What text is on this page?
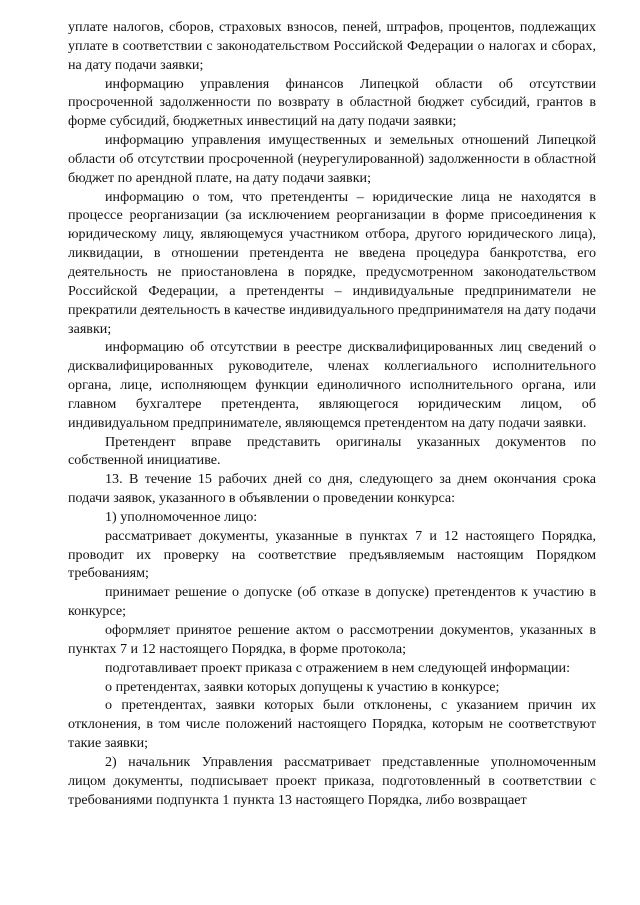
уплате налогов, сборов, страховых взносов, пеней, штрафов, процентов, подлежащих уплате в соответствии с законодательством Российской Федерации о налогах и сборах, на дату подачи заявки;

информацию управления финансов Липецкой области об отсутствии просроченной задолженности по возврату в областной бюджет субсидий, грантов в форме субсидий, бюджетных инвестиций на дату подачи заявки;

информацию управления имущественных и земельных отношений Липецкой области об отсутствии просроченной (неурегулированной) задолженности в областной бюджет по арендной плате, на дату подачи заявки;

информацию о том, что претенденты – юридические лица не находятся в процессе реорганизации (за исключением реорганизации в форме присоединения к юридическому лицу, являющемуся участником отбора, другого юридического лица), ликвидации, в отношении претендента не введена процедура банкротства, его деятельность не приостановлена в порядке, предусмотренном законодательством Российской Федерации, а претенденты – индивидуальные предприниматели не прекратили деятельность в качестве индивидуального предпринимателя на дату подачи заявки;

информацию об отсутствии в реестре дисквалифицированных лиц сведений о дисквалифицированных руководителе, членах коллегиального исполнительного органа, лице, исполняющем функции единоличного исполнительного органа, или главном бухгалтере претендента, являющегося юридическим лицом, об индивидуальном предпринимателе, являющемся претендентом на дату подачи заявки.

Претендент вправе представить оригиналы указанных документов по собственной инициативе.

13. В течение 15 рабочих дней со дня, следующего за днем окончания срока подачи заявок, указанного в объявлении о проведении конкурса:

1) уполномоченное лицо:

рассматривает документы, указанные в пунктах 7 и 12 настоящего Порядка, проводит их проверку на соответствие предъявляемым настоящим Порядком требованиям;

принимает решение о допуске (об отказе в допуске) претендентов к участию в конкурсе;

оформляет принятое решение актом о рассмотрении документов, указанных в пунктах 7 и 12 настоящего Порядка, в форме протокола;

подготавливает проект приказа с отражением в нем следующей информации:

о претендентах, заявки которых допущены к участию в конкурсе;

о претендентах, заявки которых были отклонены, с указанием причин их отклонения, в том числе положений настоящего Порядка, которым не соответствуют такие заявки;

2) начальник Управления рассматривает представленные уполномоченным лицом документы, подписывает проект приказа, подготовленный в соответствии с требованиями подпункта 1 пункта 13 настоящего Порядка, либо возвращает
